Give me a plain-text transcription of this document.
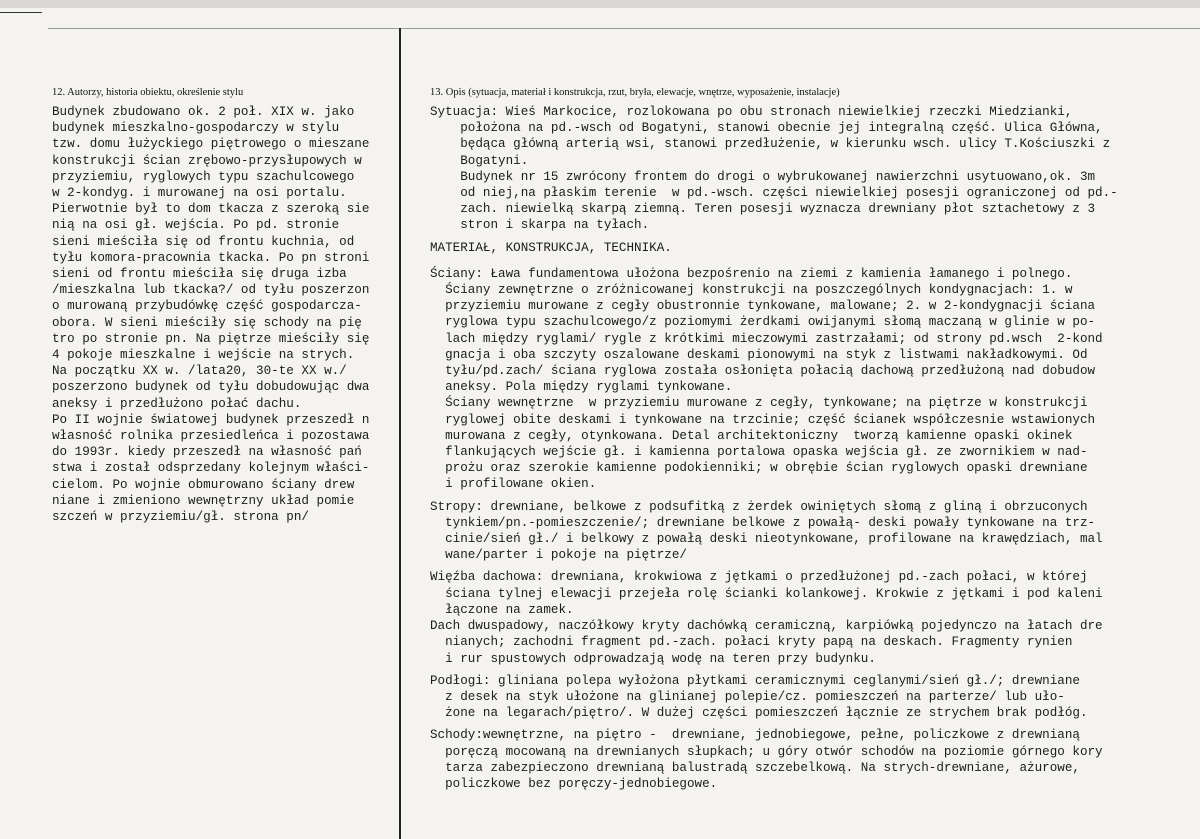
12. Autorzy, historia obiektu, określenie stylu
Budynek zbudowano ok. 2 poł. XIX w. jako
budynek mieszkalno-gospodarczy w stylu
tzw. domu łużyckiego piętrowego o mieszane
konstrukcji ścian zrębowo-przysłupowych w
przyziemiu, ryglowych typu szachulcowego
w 2-kondyg. i murowanej na osi portalu.
Pierwotnie był to dom tkacza z szeroką sie
nią na osi gł. wejścia. Po pd. stronie
sieni mieściła się od frontu kuchnia, od
tyłu komora-pracownia tkacka. Po pn stroni
sieni od frontu mieściła się druga izba
/mieszkalna lub tkacka?/ od tyłu poszerzon
o murowaną przybudówkę część gospodarcza-
obora. W sieni mieściły się schody na pię
tro po stronie pn. Na piętrze mieściły się
4 pokoje mieszkalne i wejście na strych.
Na początku XX w. /lata20, 30-te XX w./
poszerzono budynek od tyłu dobudowując dwa
aneksy i przedłużono połać dachu.
Po II wojnie światowej budynek przeszedł n
własność rolnika przesiedleńca i pozostawa
do 1993r. kiedy przeszedł na własność pań
stwa i został odsprzedany kolejnym właści-
cielom. Po wojnie obmurowano ściany drew
niane i zmieniono wewnętrzny układ pomie
szczeń w przyziemiu/gł. strona pn/
13. Opis (sytuacja, materiał i konstrukcja, rzut, bryła, elewacje, wnętrze, wyposażenie, instalacje)
Sytuacja: Wieś Markocice, rozlokowana po obu stronach niewielkiej rzeczki Miedzianki,
położona na pd.-wsch od Bogatyni, stanowi obecnie jej integralną część. Ulica Główna,
będąca główną arterią wsi, stanowi przedłużenie, w kierunku wsch. ulicy T.Kościuszki z
Bogatyni.
Budynek nr 15 zwrócony frontem do drogi o wybrukowanej nawierzchni usytuowano,ok. 3m
od niej,na płaskim terenie  w pd.-wsch. części niewielkiej posesji ograniczonej od pd.-
zach. niewielką skarpą ziemną. Teren posesji wyznacza drewniany płot sztachetowy z 3
stron i skarpa na tyłach.
MATERIAŁ, KONSTRUKCJA, TECHNIKA.
Ściany: Ława fundamentowa ułożona bezpośrenio na ziemi z kamienia łamanego i polnego.
Ściany zewnętrzne o zróżnicowanej konstrukcji na poszczególnych kondygnacjach: 1. w
przyziemiu murowane z cegły obustronnie tynkowane, malowane; 2. w 2-kondygnacji ściana
ryglowa typu szachulcowego/z poziomymi żerdkami owijanymi słomą maczaną w glinie w po-
lach między ryglami/ rygle z krótkimi mieczowymi zastrzałami; od strony pd.wsch  2-kond
gnacja i oba szczyty oszalowane deskami pionowymi na styk z listwami nakładkowymi. Od
tyłu/pd.zach/ ściana ryglowa została osłonięta połacią dachową przedłużoną nad dobudow
aneksy. Pola między ryglami tynkowane.
Ściany wewnętrzne  w przyziemiu murowane z cegły, tynkowane; na piętrze w konstrukcji
ryglowej obite deskami i tynkowane na trzcinie; część ścianek współczesnie wstawionych
murowana z cegły, otynkowana. Detal architektoniczny  tworzą kamienne opaski okinek
flankujących wejście gł. i kamienna portalowa opaska wejścia gł. ze zwornikiem w nad-
prożu oraz szerokie kamienne podokienniki; w obrębie ścian ryglowych opaski drewniane
i profilowane okien.
Stropy: drewniane, belkowe z podsufitką z żerdek owiniętych słomą z gliną i obrzuconych
tynkiem/pn.-pomieszczenie/; drewniane belkowe z powałą- deski powały tynkowane na trz-
cinie/sień gł./ i belkowy z powałą deski nieotynkowane, profilowane na krawędziach, mal
wane/parter i pokoje na piętrze/
Więźba dachowa: drewniana, krokwiowa z jętkami o przedłużonej pd.-zach połaci, w której
ściana tylnej elewacji przejeła rolę ścianki kolankowej. Krokwie z jętkami i pod kaleni
łączone na zamek.
Dach dwuspadowy, naczółkowy kryty dachówką ceramiczną, karpiówką pojedynczo na łatach dre
nianych; zachodni fragment pd.-zach. połaci kryty papą na deskach. Fragmenty rynien
i rur spustowych odprowadzają wodę na teren przy budynku.
Podłogi: gliniana polepa wyłożona płytkami ceramicznymi ceglanymi/sień gł./; drewniane
z desek na styk ułożone na glinianej polepie/cz. pomieszczeń na parterze/ lub uło-
żone na legarach/piętro/. W dużej części pomieszczeń łącznie ze strychem brak podłóg.
Schody:wewnętrzne, na piętro -  drewniane, jednobiegowe, pełne, policzkowe z drewnianą
poręczą mocowaną na drewnianych słupkach; u góry otwór schodów na poziomie górnego kory
tarza zabezpieczono drewnianą balustradą szczebelkową. Na strych-drewniane, ażurowe,
policzkowe bez poręczy-jednobiegowe.
